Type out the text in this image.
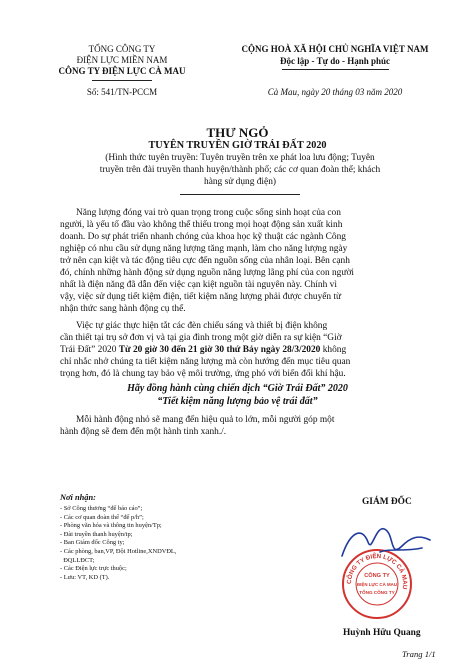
TỔNG CÔNG TY
ĐIỆN LỰC MIỀN NAM
CÔNG TY ĐIỆN LỰC CÀ MAU
Số: 541/TN-PCCM
CỘNG HOÀ XÃ HỘI CHỦ NGHĨA VIỆT NAM
Độc lập - Tự do - Hạnh phúc
Cà Mau, ngày 20 tháng 03 năm 2020
THƯ NGỎ
TUYÊN TRUYỀN GIỜ TRÁI ĐẤT 2020
(Hình thức tuyên truyền: Tuyên truyền trên xe phát loa lưu động; Tuyên
truyền trên đài truyền thanh huyện/thành phố; các cơ quan đoàn thể; khách
hàng sử dụng điện)
Năng lượng đóng vai trò quan trọng trong cuộc sống sinh hoạt của con
người, là yếu tố đầu vào không thể thiếu trong mọi hoạt động sản xuất kinh
doanh. Do sự phát triển nhanh chóng của khoa học kỹ thuật các ngành Công
nghiệp có nhu cầu sử dụng năng lượng tăng mạnh, làm cho năng lượng ngày
trở nên cạn kiệt và tác động tiêu cực đến nguồn sống của nhân loại. Bên cạnh
đó, chính những hành động sử dụng nguồn năng lượng lãng phí của con người
nhất là điện năng đã dẫn đến việc cạn kiệt nguồn tài nguyên này. Chính vì
vậy, việc sử dụng tiết kiệm điện, tiết kiệm năng lượng phải được chuyển từ
nhận thức sang hành động cụ thể.
Việc tự giác thực hiện tắt các đèn chiếu sáng và thiết bị điện không
cần thiết tại trụ sở đơn vị và tại gia đình trong một giờ diễn ra sự kiện “Giờ
Trái Đất” 2020 Từ 20 giờ 30 đến 21 giờ 30 thứ Bảy ngày 28/3/2020 không
chỉ nhắc nhở chúng ta tiết kiệm năng lượng mà còn hướng đến mục tiêu quan
trọng hơn, đó là chung tay bảo vệ môi trường, ứng phó với biến đổi khí hậu.
Hãy đồng hành cùng chiến dịch “Giờ Trái Đất” 2020
“Tiết kiệm năng lượng bảo vệ trái đất”
Mỗi hành động nhỏ sẽ mang đến hiệu quả to lớn, mỗi người góp một
hành động sẽ đem đến một hành tinh xanh./.
Nơi nhận:
- Sở Công thương “để báo cáo”;
- Các cơ quan đoàn thể “để p/h”;
- Phòng văn hóa và thông tin huyện/Tp;
- Đài truyền thanh huyện/tp;
- Ban Giám đốc Công ty;
- Các phòng, ban,VP, Đội Hotline,XNDVĐL,
ĐQLLĐCT;
- Các Điện lực trực thuộc;
- Lưu: VT, KD (T).
GIÁM ĐỐC
CÔNG TY ĐIỆN LỰC CÀ MAU
CÔNG TY
ĐIỆN LỰC CÀ MAU
TỔNG CÔNG TY
Huỳnh Hữu Quang
Trang 1/1
